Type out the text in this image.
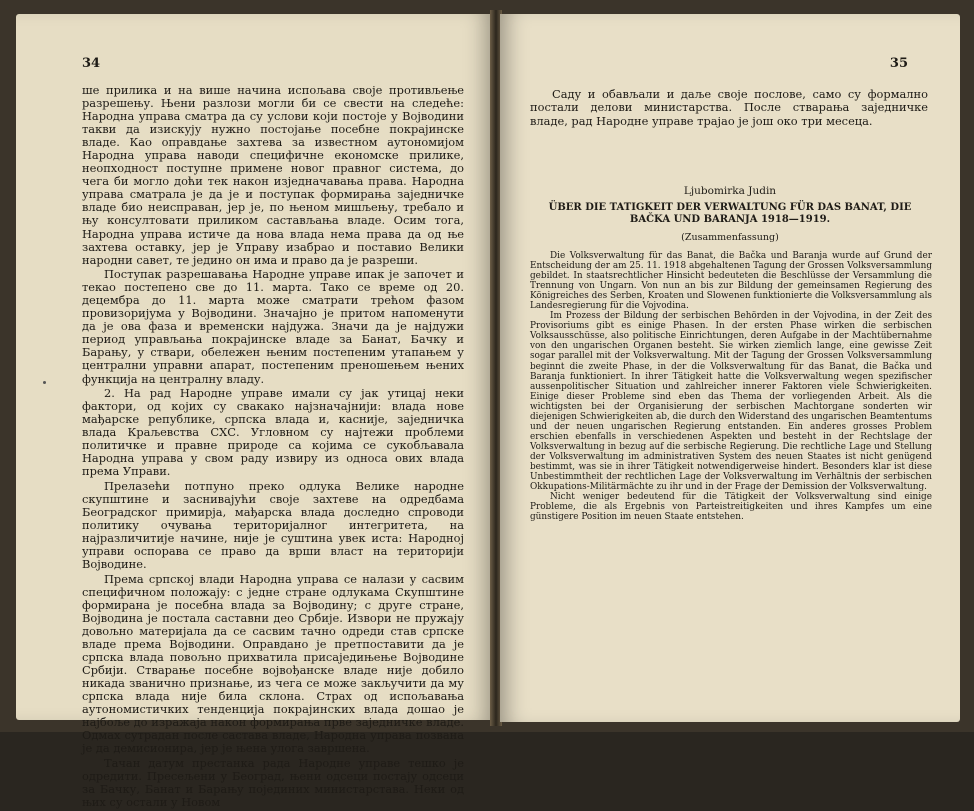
34

ше прилика и на више начина испољава своје противљење разрешењу. Њени разлози могли би се свести на следеће: Народна управа сматра да су услови који постоје у Војводини такви да изискују нужно постојање посебне покрајинске владе. Као оправдање захтева за известном аутономијом Народна управа наводи специфичне економске прилике, неопходност поступне примене новог правног система, до чега би могло доћи тек након изједначавања права. Народна управа сматрала је да је и поступак формирања заједничке владе био неисправан, јер је, по њеном мишљењу, требало и њу консултовати приликом састављања владе. Осим тога, Народна управа истиче да нова влада нема права да од ње захтева оставку, јер је Управу изабрао и поставио Велики народни савет, те једино он има и право да је разреши.

Поступак разрешавања Народне управе ипак је започет и текао постепено све до 11. марта. Тако се време од 20. децембра до 11. марта може сматрати трећом фазом провизоријума у Војводини. Значајно је притом напоменути да је ова фаза и временски најдужа. Значи да је најдужи период управљања покрајинске владе за Банат, Бачку и Барању, у ствари, обележен њеним постепеним утапањем у централни управни апарат, постепеним преношењем њених функција на централну владу.

2. На рад Народне управе имали су јак утицај неки фактори, од којих су свакако најзначајнији: влада нове мађарске републике, српска влада и, касније, заједничка влада Краљевства СХС. Угловном су најтежи проблеми политичке и правне природе са којима се сукобљавала Народна управа у свом раду извиру из односа ових влада према Управи.

Прелазећи потпуно преко одлука Велике народне скупштине и заснивајући своје захтеве на одредбама Београдског примирја, мађарска влада доследно спроводи политику очувања територијалног интегритета, на најразличитије начине, није је суштина увек иста: Народној управи оспорава се право да врши власт на територији Војводине.

Према српској влади Народна управа се налази у сасвим специфичном положају: с једне стране одлукама Скупштине формирана је посебна влада за Војводину; с друге стране, Војводина је постала саставни део Србије. Извори не пружају довољно материјала да се сасвим тачно одреди став српске владе према Војводини. Оправдано је претпоставити да је српска влада повољно прихватила присаједињење Војводине Србији. Стварање посебне војвођанске владе није добило никада званично признање, из чега се може закључити да му српска влада није била склона. Страх од испољавања аутономистичких тенденција покрајинских влада дошао је најбоље до изражаја након формирања прве заједничке владе. Одмах сутрадан после састава владе, Народна управа позвана је да демисионира, јер је њена улога завршена.

Тачан датум престанка рада Народне управе тешко је одредити. Пресељени у Београд, њени одсеци постају одсеци за Бачку, Банат и Барању појединих министарстава. Неки од њих су остали у Новом

35

Саду и обављали и даље своје послове, само су формално постали делови министарства. После стварања заједничке владе, рад Народне управе трајао је још око три месеца.

Ljubomirka Judin
ÜBER DIE TATIGKEIT DER VERWALTUNG FÜR DAS BANAT, DIE BAČKA UND BARANJA 1918—1919.
(Zusammenfassung)

Die Volksverwaltung für das Banat, die Bačka und Baranja wurde auf Grund der Entscheidung der am 25. 11. 1918 abgehaltenen Tagung der Grossen Volksversammlung gebildet. In staatsrechtlicher Hinsicht bedeuteten die Beschlüsse der Versammlung die Trennung von Ungarn. Von nun an bis zur Bildung der gemeinsamen Regierung des Königreiches des Serben, Kroaten und Slowenen funktionierte die Volksversammlung als Landesregierung für die Vojvodina.

Im Prozess der Bildung der serbischen Behörden in der Vojvodina, in der Zeit des Provisoriums gibt es einige Phasen. In der ersten Phase wirken die serbischen Volksausschüsse, also politische Einrichtungen, deren Aufgabe in der Machtübernahme von den ungarischen Organen besteht. Sie wirken ziemlich lange, eine gewisse Zeit sogar parallel mit der Volksverwaltung. Mit der Tagung der Grossen Volksversammlung beginnt die zweite Phase, in der die Volksverwaltung für das Banat, die Bačka und Baranja funktioniert. In ihrer Tätigkeit hatte die Volksverwaltung wegen spezifischer aussenpolitischer Situation und zahlreicher innerer Faktoren viele Schwierigkeiten. Einige dieser Probleme sind eben das Thema der vorliegenden Arbeit. Als die wichtigsten bei der Organisierung der serbischen Machtorgane sonderten wir diejenigen Schwierigkeiten ab, die durch den Widerstand des ungarischen Beamtentums und der neuen ungarischen Regierung entstanden. Ein anderes grosses Problem erschien ebenfalls in verschiedenen Aspekten und besteht in der Rechtslage der Volksverwaltung in bezug auf die serbische Regierung. Die rechtliche Lage und Stellung der Volksverwaltung im administrativen System des neuen Staates ist nicht genügend bestimmt, was sie in ihrer Tätigkeit notwendigerweise hindert. Besonders klar ist diese Unbestimmtheit der rechtlichen Lage der Volksverwaltung im Verhältnis der serbischen Okkupations-Militärmächte zu ihr und in der Frage der Demission der Volksverwaltung.

Nicht weniger bedeutend für die Tätigkeit der Volksverwaltung sind einige Probleme, die als Ergebnis von Parteistreitigkeiten und ihres Kampfes um eine günstigere Position im neuen Staate entstehen.
